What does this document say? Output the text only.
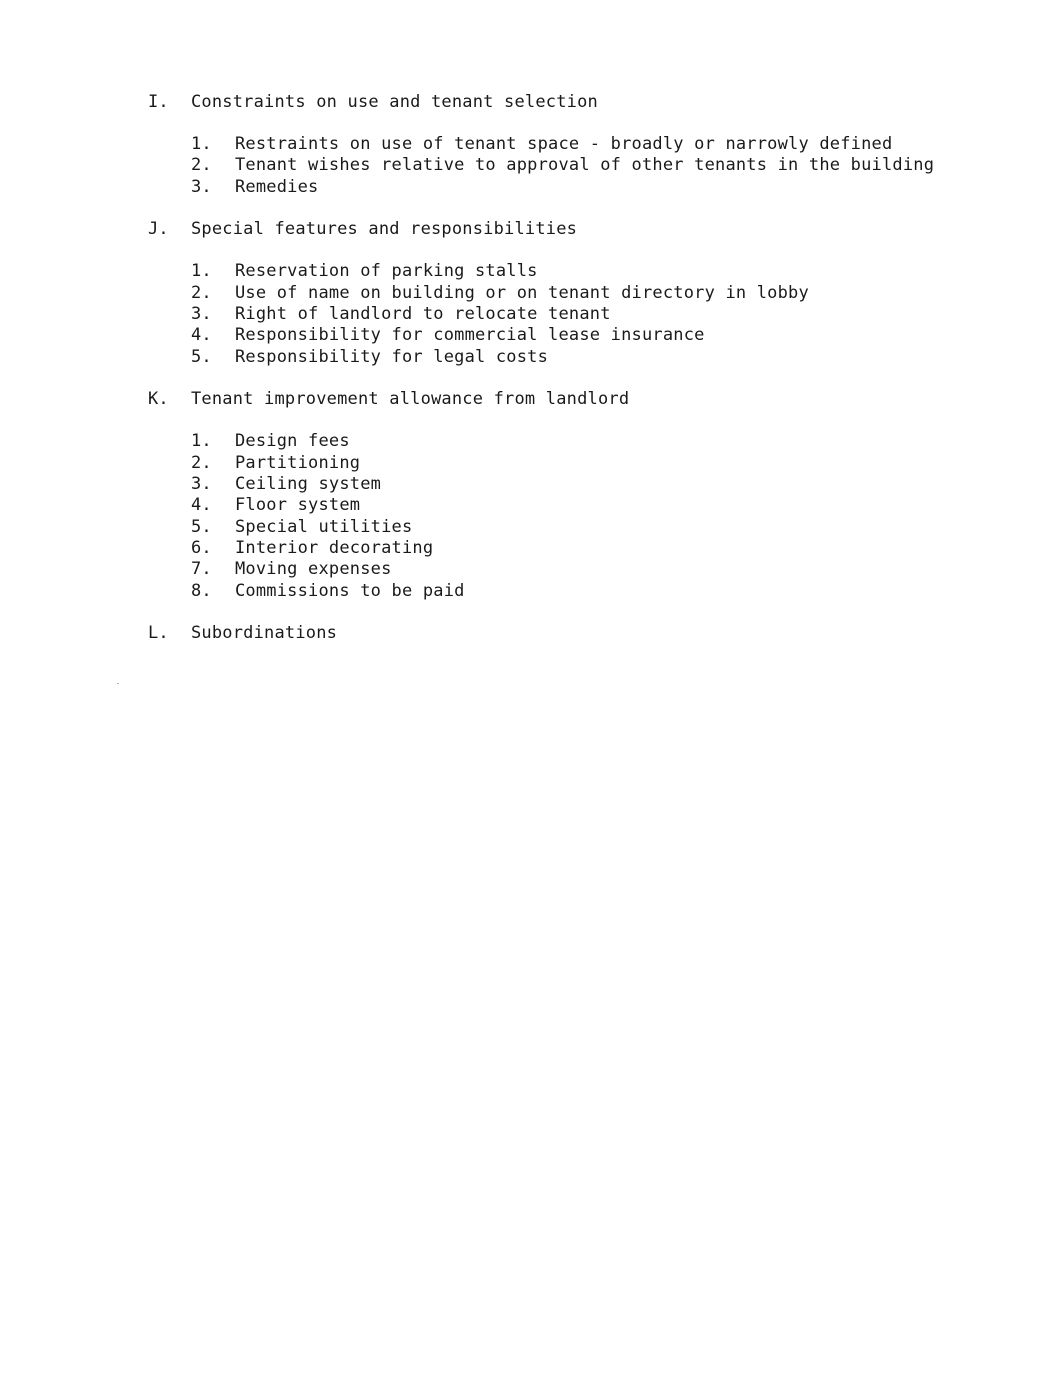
I.	Constraints on use and tenant selection
1.	Restraints on use of tenant space - broadly or narrowly defined
2.	Tenant wishes relative to approval of other tenants in the building
3.	Remedies
J.	Special features and responsibilities
1.	Reservation of parking stalls
2.	Use of name on building or on tenant directory in lobby
3.	Right of landlord to relocate tenant
4.	Responsibility for commercial lease insurance
5.	Responsibility for legal costs
K.	Tenant improvement allowance from landlord
1.	Design fees
2.	Partitioning
3.	Ceiling system
4.	Floor system
5.	Special utilities
6.	Interior decorating
7.	Moving expenses
8.	Commissions to be paid
L.	Subordinations
